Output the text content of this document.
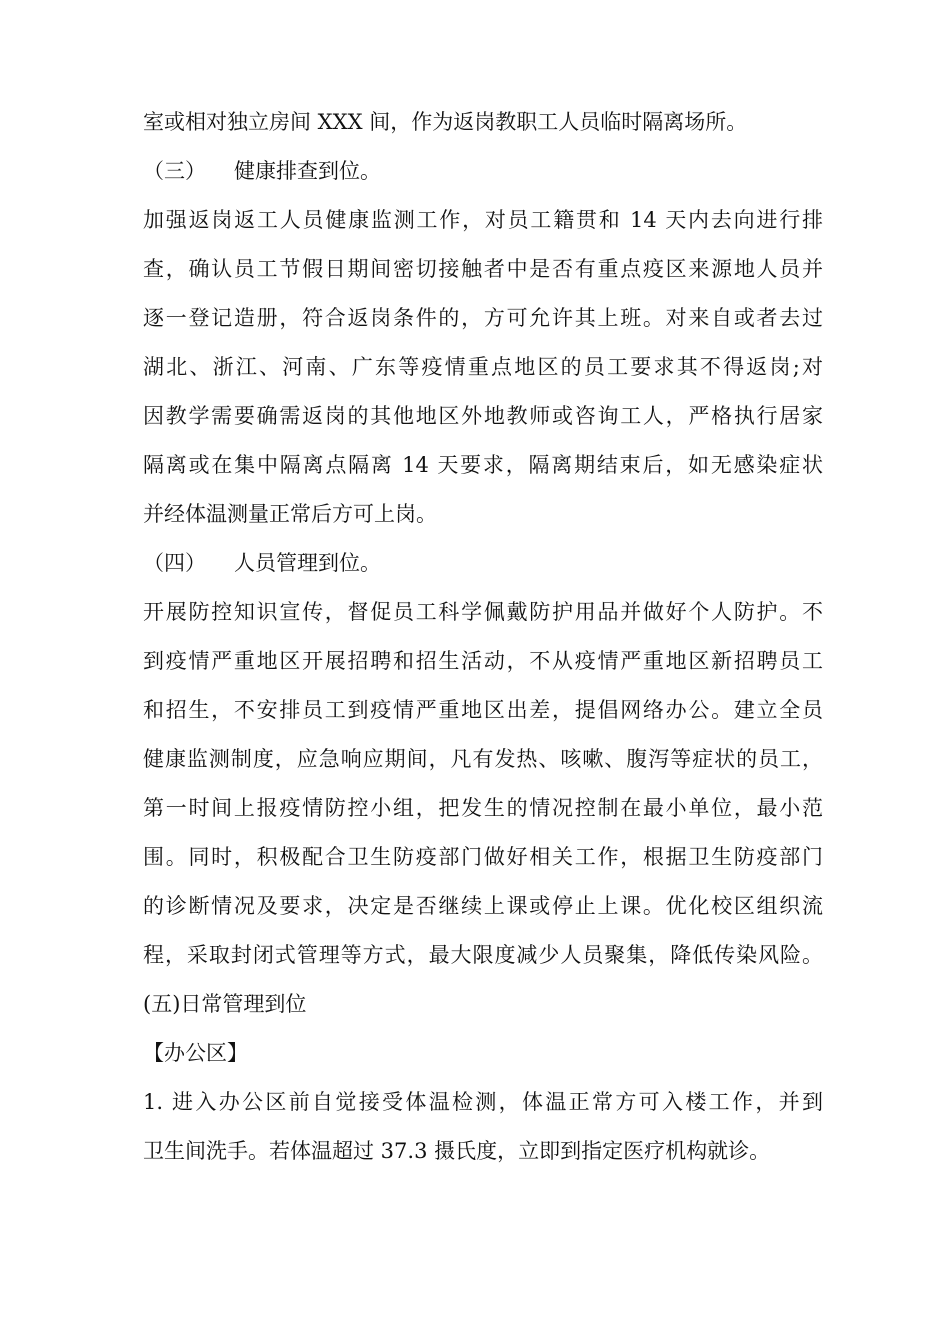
室或相对独立房间 XXX 间，作为返岗教职工人员临时隔离场所。
（三） 健康排查到位。
加强返岗返工人员健康监测工作，对员工籍贯和 14 天内去向进行排
查，确认员工节假日期间密切接触者中是否有重点疫区来源地人员并
逐一登记造册，符合返岗条件的，方可允许其上班。对来自或者去过
湖北、浙江、河南、广东等疫情重点地区的员工要求其不得返岗;对
因教学需要确需返岗的其他地区外地教师或咨询工人，严格执行居家
隔离或在集中隔离点隔离 14 天要求，隔离期结束后，如无感染症状
并经体温测量正常后方可上岗。
（四） 人员管理到位。
开展防控知识宣传，督促员工科学佩戴防护用品并做好个人防护。不
到疫情严重地区开展招聘和招生活动，不从疫情严重地区新招聘员工
和招生，不安排员工到疫情严重地区出差，提倡网络办公。建立全员
健康监测制度，应急响应期间，凡有发热、咳嗽、腹泻等症状的员工，
第一时间上报疫情防控小组，把发生的情况控制在最小单位，最小范
围。同时，积极配合卫生防疫部门做好相关工作，根据卫生防疫部门
的诊断情况及要求，决定是否继续上课或停止上课。优化校区组织流
程，采取封闭式管理等方式，最大限度减少人员聚集，降低传染风险。
(五)日常管理到位
【办公区】
1. 进入办公区前自觉接受体温检测，体温正常方可入楼工作，并到
卫生间洗手。若体温超过 37.3 摄氏度，立即到指定医疗机构就诊。
